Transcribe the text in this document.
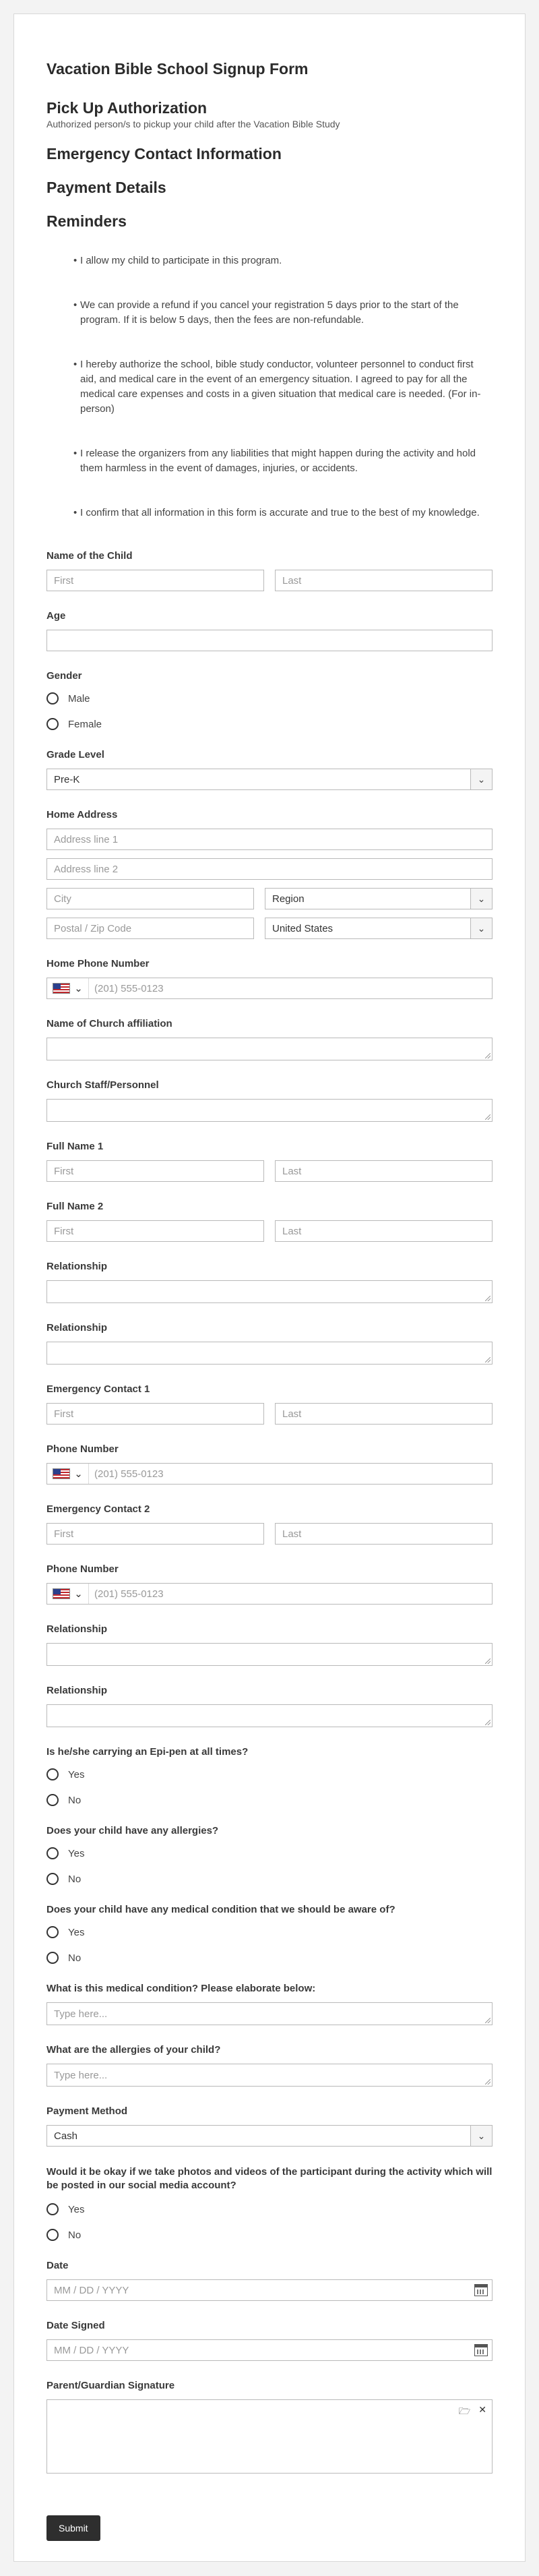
Vacation Bible School Signup Form
Pick Up Authorization

Authorized person/s to pickup your child after the Vacation Bible Study

Emergency Contact Information
Payment Details
Reminders
• I allow my child to participate in this program.
• We can provide a refund if you cancel your registration 5 days prior to the start of the program. If it is below 5 days, then the fees are non-refundable.
• I hereby authorize the school, bible study conductor, volunteer personnel to conduct first aid, and medical care in the event of an emergency situation. I agreed to pay for all the medical care expenses and costs in a given situation that medical care is needed. (For in-person)
• I release the organizers from any liabilities that might happen during the activity and hold them harmless in the event of damages, injuries, or accidents.
• I confirm that all information in this form is accurate and true to the best of my knowledge.
Name of the Child
First	Last
Age
Gender
Male
Female
Grade Level
Pre-K	⌄
Home Address
Address line 1
Address line 2
City	Region	⌄
Postal / Zip Code	United States	⌄
Home Phone Number
⌄	(201) 555-0123
Name of Church affiliation
Church Staff/Personnel
Full Name 1
First	Last
Full Name 2
First	Last
Relationship
Relationship
Emergency Contact 1
First	Last
Phone Number
⌄	(201) 555-0123
Emergency Contact 2
First	Last
Phone Number
⌄	(201) 555-0123
Relationship
Relationship
Is he/she carrying an Epi-pen at all times?
Yes
No
Does your child have any allergies?
Yes
No
Does your child have any medical condition that we should be aware of?
Yes
No
What is this medical condition? Please elaborate below:
Type here...
What are the allergies of your child?
Type here...
Payment Method
Cash	⌄
Would it be okay if we take photos and videos of the participant during the activity which will be posted in our social media account?
Yes
No
Date
MM / DD / YYYY
Date Signed
MM / DD / YYYY
Parent/Guardian Signature
🗁 ✕
Submit
